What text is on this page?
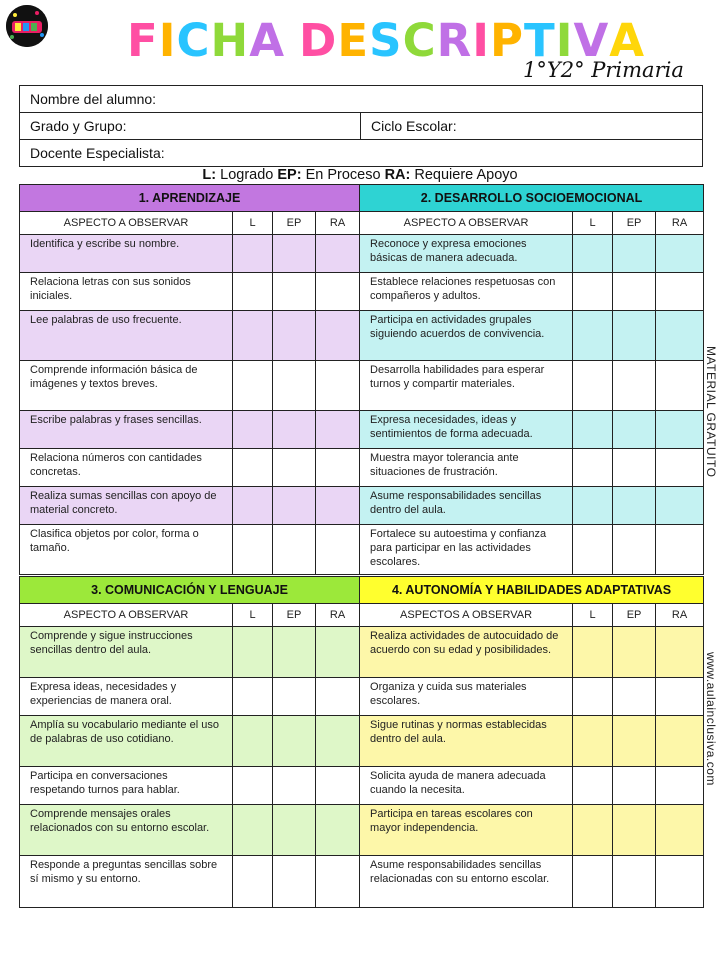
FICHA DESCRIPTIVA
1°Y2° Primaria
Nombre del alumno:
Grado y Grupo:	Ciclo Escolar:
Docente Especialista:
L: Logrado EP: En Proceso RA: Requiere Apoyo
1. APRENDIZAJE				2. DESARROLLO SOCIOEMOCIONAL			
ASPECTO A OBSERVAR	L	EP	RA	ASPECTO A OBSERVAR	L	EP	RA
Identifica y escribe su nombre.				Reconoce y expresa emociones básicas de manera adecuada.			
Relaciona letras con sus sonidos iniciales.				Establece relaciones respetuosas con compañeros y adultos.			
Lee palabras de uso frecuente.				Participa en actividades grupales siguiendo acuerdos de convivencia.			
Comprende información básica de imágenes y textos breves.				Desarrolla habilidades para esperar turnos y compartir materiales.			
Escribe palabras y frases sencillas.				Expresa necesidades, ideas y sentimientos de forma adecuada.			
Relaciona números con cantidades concretas.				Muestra mayor tolerancia ante situaciones de frustración.			
Realiza sumas sencillas con apoyo de material concreto.				Asume responsabilidades sencillas dentro del aula.			
Clasifica objetos por color, forma o tamaño.				Fortalece su autoestima y confianza para participar en las actividades escolares.			
3. COMUNICACIÓN Y LENGUAJE				4. AUTONOMÍA Y HABILIDADES ADAPTATIVAS			
ASPECTO A OBSERVAR	L	EP	RA	ASPECTOS A OBSERVAR	L	EP	RA
Comprende y sigue instrucciones sencillas dentro del aula.				Realiza actividades de autocuidado de acuerdo con su edad y posibilidades.			
Expresa ideas, necesidades y experiencias de manera oral.				Organiza y cuida sus materiales escolares.			
Amplía su vocabulario mediante el uso de palabras de uso cotidiano.				Sigue rutinas y normas establecidas dentro del aula.			
Participa en conversaciones respetando turnos para hablar.				Solicita ayuda de manera adecuada cuando la necesita.			
Comprende mensajes orales relacionados con su entorno escolar.				Participa en tareas escolares con mayor independencia.			
Responde a preguntas sencillas sobre sí mismo y su entorno.				Asume responsabilidades sencillas relacionadas con su entorno escolar.			
MATERIAL GRATUITO
www.aulainclusiva.com
